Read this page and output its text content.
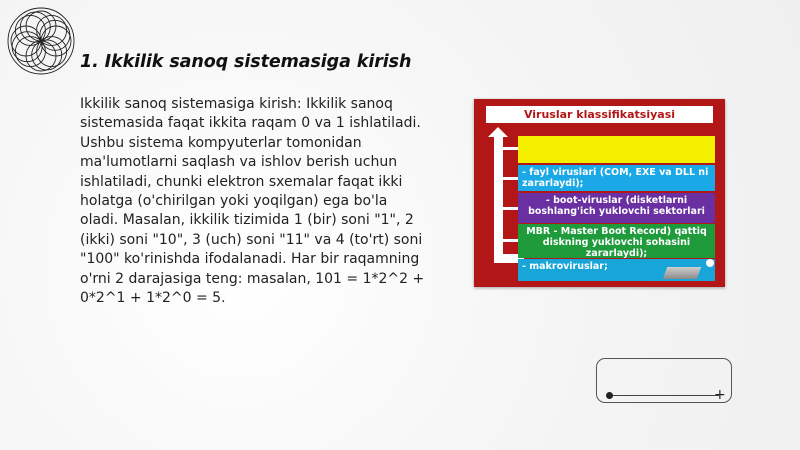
1. Ikkilik sanoq sistemasiga kirish

Ikkilik sanoq sistemasiga kirish: Ikkilik sanoq sistemasida faqat ikkita raqam 0 va 1 ishlatiladi. Ushbu sistema kompyuterlar tomonidan ma'lumotlarni saqlash va ishlov berish uchun ishlatiladi, chunki elektron sxemalar faqat ikki holatga (o'chirilgan yoki yoqilgan) ega bo'la oladi. Masalan, ikkilik tizimida 1 (bir) soni "1", 2 (ikki) soni "10", 3 (uch) soni "11" va 4 (to'rt) soni "100" ko'rinishda ifodalanadi. Har bir raqamning o'rni 2 darajasiga teng: masalan, 101 = 1*2^2 + 0*2^1 + 1*2^0 = 5.

Viruslar klassifikatsiyasi
- fayl viruslari (COM, EXE va DLL ni zararlaydi);
- boot-viruslar (disketlarni boshlang'ich yuklovchi sektorlari
MBR - Master Boot Record) qattiq diskning yuklovchi sohasini zararlaydi);
- makroviruslar;
+
